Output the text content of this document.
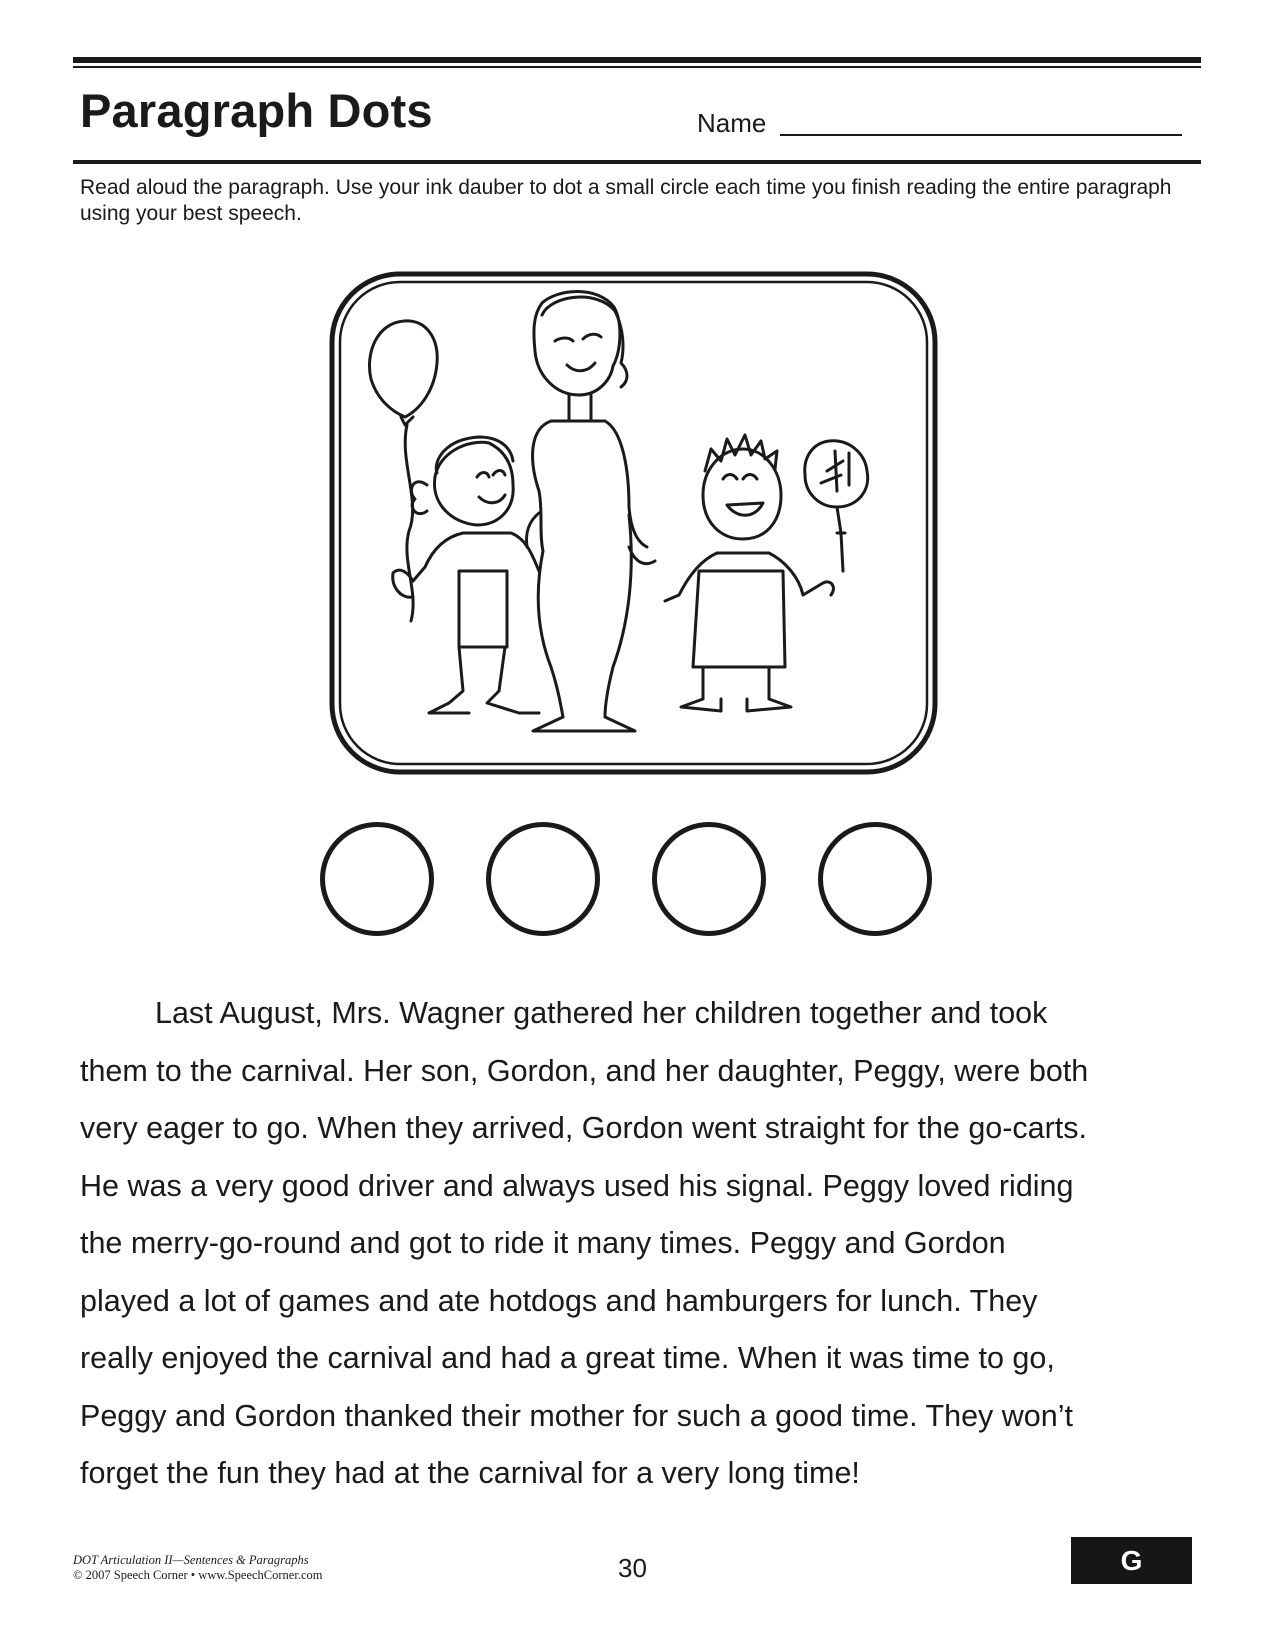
Paragraph Dots	Name
Read aloud the paragraph. Use your ink dauber to dot a small circle each time you finish reading the entire paragraph using your best speech.
Last August, Mrs. Wagner gathered her children together and took
them to the carnival. Her son, Gordon, and her daughter, Peggy, were both
very eager to go. When they arrived, Gordon went straight for the go-carts.
He was a very good driver and always used his signal. Peggy loved riding
the merry-go-round and got to ride it many times. Peggy and Gordon
played a lot of games and ate hotdogs and hamburgers for lunch. They
really enjoyed the carnival and had a great time. When it was time to go,
Peggy and Gordon thanked their mother for such a good time. They won’t
forget the fun they had at the carnival for a very long time!
DOT Articulation II—Sentences & Paragraphs
© 2007 Speech Corner • www.SpeechCorner.com	30	G
